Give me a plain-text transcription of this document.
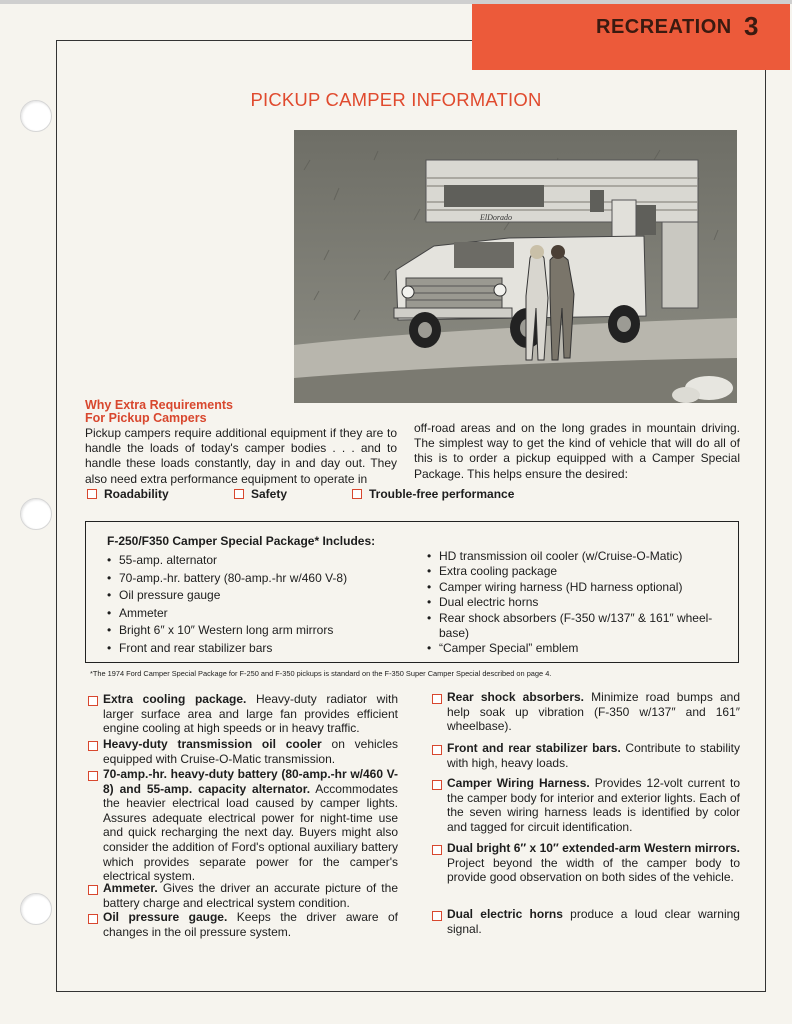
RECREATION 3
PICKUP CAMPER INFORMATION
ElDorado
Why Extra Requirements
For Pickup Campers
Pickup campers require additional equipment if they are to handle the loads of today's camper bodies . . . and to handle these loads constantly, day in and day out. They also need extra performance equipment to operate in
off-road areas and on the long grades in mountain driving. The simplest way to get the kind of vehicle that will do all of this is to order a pickup equipped with a Camper Special Package. This helps ensure the desired:
Roadability	Safety	Trouble-free performance
F-250/F350 Camper Special Package* Includes:
• 55-amp. alternator
• 70-amp.-hr. battery (80-amp.-hr w/460 V-8)
• Oil pressure gauge
• Ammeter
• Bright 6″ x 10″ Western long arm mirrors
• Front and rear stabilizer bars
• HD transmission oil cooler (w/Cruise-O-Matic)
• Extra cooling package
• Camper wiring harness (HD harness optional)
• Dual electric horns
• Rear shock absorbers (F-350 w/137″ & 161″ wheel-base)
• “Camper Special” emblem
*The 1974 Ford Camper Special Package for F-250 and F-350 pickups is standard on the F-350 Super Camper Special described on page 4.
Extra cooling package. Heavy-duty radiator with larger surface area and large fan provides efficient engine cooling at high speeds or in heavy traffic.
Heavy-duty transmission oil cooler on vehicles equipped with Cruise-O-Matic transmission.
70-amp.-hr. heavy-duty battery (80-amp.-hr w/460 V-8) and 55-amp. capacity alternator. Accommodates the heavier electrical load caused by camper lights. Assures adequate electrical power for night-time use and quick recharging the next day. Buyers might also consider the addition of Ford's optional auxiliary battery which provides separate power for the camper's electrical system.
Ammeter. Gives the driver an accurate picture of the battery charge and electrical system condition.
Oil pressure gauge. Keeps the driver aware of changes in the oil pressure system.
Rear shock absorbers. Minimize road bumps and help soak up vibration (F-350 w/137″ and 161″ wheelbase).
Front and rear stabilizer bars. Contribute to stability with high, heavy loads.
Camper Wiring Harness. Provides 12-volt current to the camper body for interior and exterior lights. Each of the seven wiring harness leads is identified by color and tagged for circuit identification.
Dual bright 6″ x 10″ extended-arm Western mirrors. Project beyond the width of the camper body to provide good observation on both sides of the vehicle.
Dual electric horns produce a loud clear warning signal.
